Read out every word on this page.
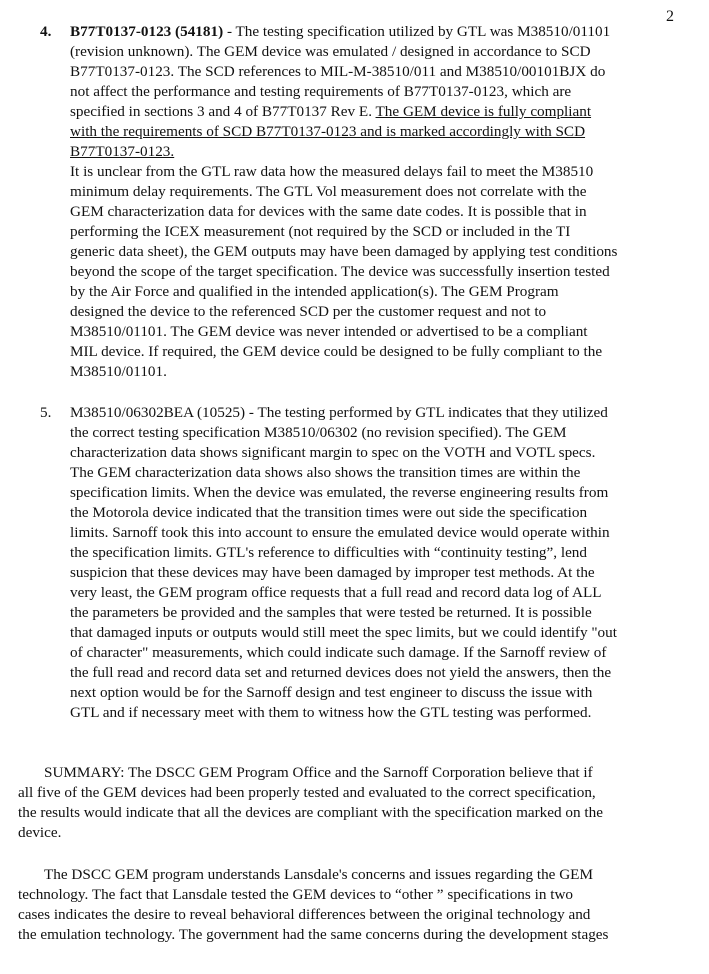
2
4. B77T0137-0123 (54181) - The testing specification utilized by GTL was M38510/01101
(revision unknown). The GEM device was emulated / designed in accordance to SCD
B77T0137-0123. The SCD references to MIL-M-38510/011 and M38510/00101BJX do
not affect the performance and testing requirements of B77T0137-0123, which are
specified in sections 3 and 4 of B77T0137 Rev E. The GEM device is fully compliant
with the requirements of SCD B77T0137-0123 and is marked accordingly with SCD
B77T0137-0123.
It is unclear from the GTL raw data how the measured delays fail to meet the M38510
minimum delay requirements. The GTL Vol measurement does not correlate with the
GEM characterization data for devices with the same date codes. It is possible that in
performing the ICEX measurement (not required by the SCD or included in the TI
generic data sheet), the GEM outputs may have been damaged by applying test conditions
beyond the scope of the target specification. The device was successfully insertion tested
by the Air Force and qualified in the intended application(s). The GEM Program
designed the device to the referenced SCD per the customer request and not to
M38510/01101. The GEM device was never intended or advertised to be a compliant
MIL device. If required, the GEM device could be designed to be fully compliant to the
M38510/01101.
5. M38510/06302BEA (10525) - The testing performed by GTL indicates that they utilized
the correct testing specification M38510/06302 (no revision specified). The GEM
characterization data shows significant margin to spec on the VOTH and VOTL specs.
The GEM characterization data shows also shows the transition times are within the
specification limits. When the device was emulated, the reverse engineering results from
the Motorola device indicated that the transition times were out side the specification
limits. Sarnoff took this into account to ensure the emulated device would operate within
the specification limits. GTL's reference to difficulties with “continuity testing”, lend
suspicion that these devices may have been damaged by improper test methods. At the
very least, the GEM program office requests that a full read and record data log of ALL
the parameters be provided and the samples that were tested be returned. It is possible
that damaged inputs or outputs would still meet the spec limits, but we could identify "out
of character" measurements, which could indicate such damage. If the Sarnoff review of
the full read and record data set and returned devices does not yield the answers, then the
next option would be for the Sarnoff design and test engineer to discuss the issue with
GTL and if necessary meet with them to witness how the GTL testing was performed.
SUMMARY: The DSCC GEM Program Office and the Sarnoff Corporation believe that if
all five of the GEM devices had been properly tested and evaluated to the correct specification,
the results would indicate that all the devices are compliant with the specification marked on the
device.
The DSCC GEM program understands Lansdale's concerns and issues regarding the GEM
technology. The fact that Lansdale tested the GEM devices to “other ” specifications in two
cases indicates the desire to reveal behavioral differences between the original technology and
the emulation technology. The government had the same concerns during the development stages
